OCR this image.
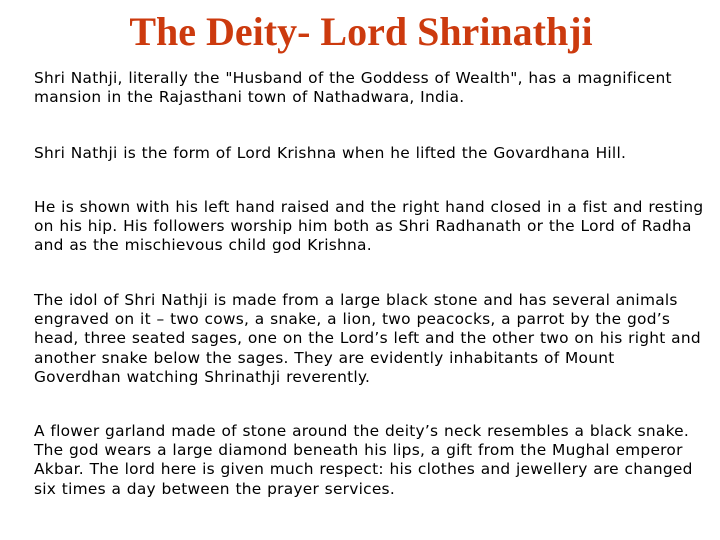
The Deity- Lord Shrinathji

Shri Nathji, literally the "Husband of the Goddess of Wealth", has a magnificent mansion in the Rajasthani town of Nathadwara, India.

Shri Nathji is the form of Lord Krishna when he lifted the Govardhana Hill.

He is shown with his left hand raised and the right hand closed in a fist and resting on his hip. His followers worship him both as Shri Radhanath or the Lord of Radha and as the mischievous child god Krishna.

The idol of Shri Nathji is made from a large black stone and has several animals engraved on it – two cows, a snake, a lion, two peacocks, a parrot by the god’s head, three seated sages, one on the Lord’s left and the other two on his right and another snake below the sages. They are evidently inhabitants of Mount Goverdhan watching Shrinathji reverently.

A flower garland made of stone around the deity’s neck resembles a black snake. The god wears a large diamond beneath his lips, a gift from the Mughal emperor Akbar. The lord here is given much respect: his clothes and jewellery are changed six times a day between the prayer services.
